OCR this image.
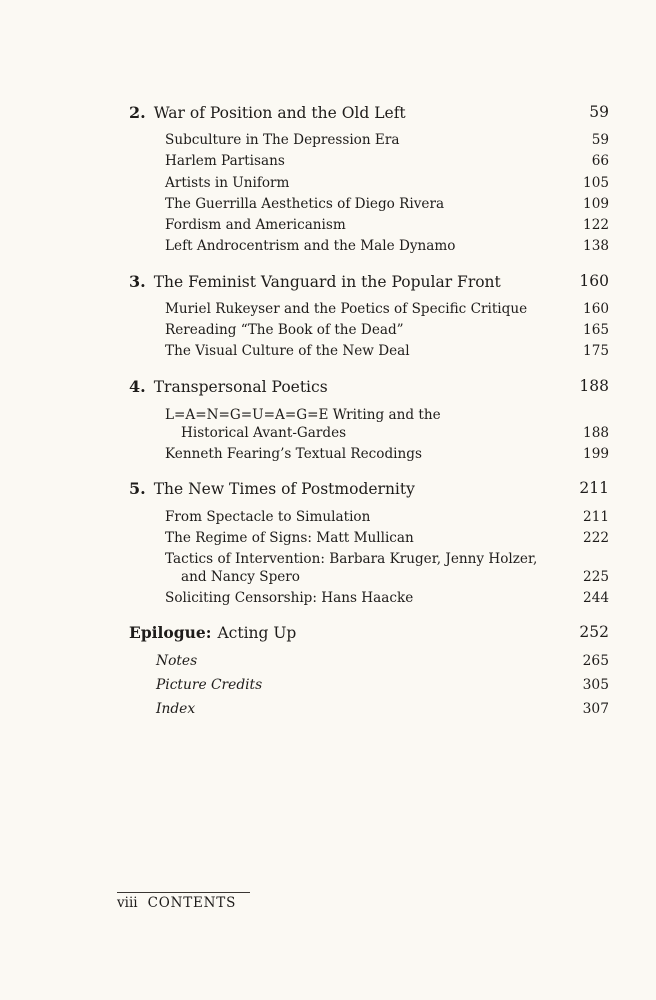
2. War of Position and the Old Left	59
Subculture in The Depression Era	59
Harlem Partisans	66
Artists in Uniform	105
The Guerrilla Aesthetics of Diego Rivera	109
Fordism and Americanism	122
Left Androcentrism and the Male Dynamo	138
3. The Feminist Vanguard in the Popular Front	160
Muriel Rukeyser and the Poetics of Specific Critique	160
Rereading “The Book of the Dead”	165
The Visual Culture of the New Deal	175
4. Transpersonal Poetics	188
L=A=N=G=U=A=G=E Writing and the
Historical Avant-Gardes	188
Kenneth Fearing’s Textual Recodings	199
5. The New Times of Postmodernity	211
From Spectacle to Simulation	211
The Regime of Signs: Matt Mullican	222
Tactics of Intervention: Barbara Kruger, Jenny Holzer,
and Nancy Spero	225
Soliciting Censorship: Hans Haacke	244
Epilogue: Acting Up	252
Notes	265
Picture Credits	305
Index	307
viii CONTENTS
